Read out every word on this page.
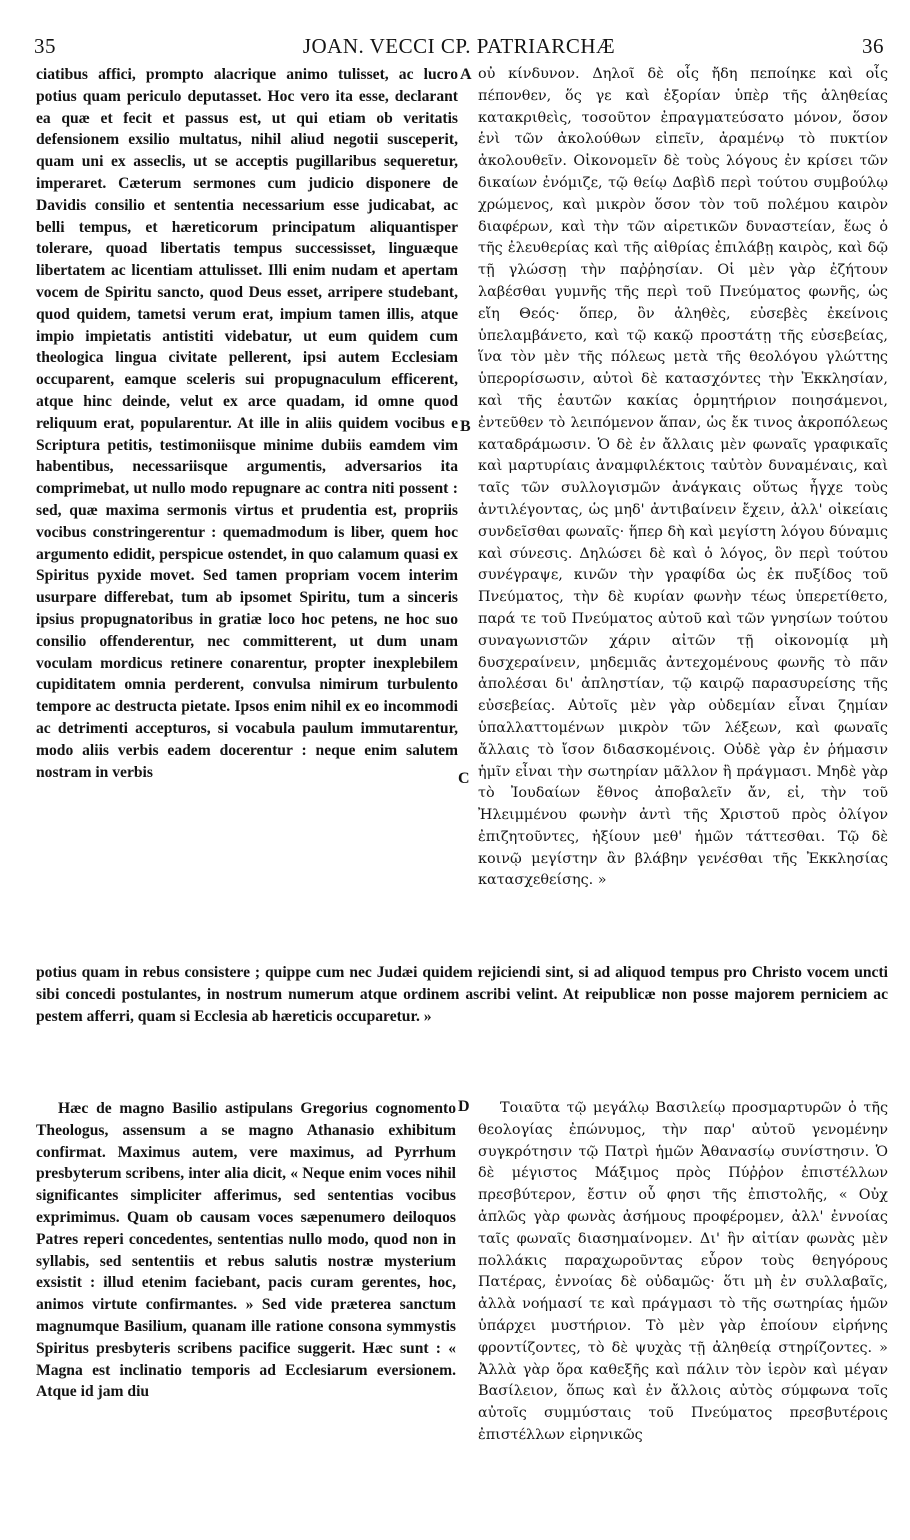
35	JOAN. VECCI CP. PATRIARCHÆ	36

ciatibus affici, prompto alacrique animo tulisset, ac lucro potius quam periculo deputasset. Hoc vero ita esse, declarant ea quæ et fecit et passus est, ut qui etiam ob veritatis defensionem exsilio multatus, nihil aliud negotii susceperit, quam uni ex asseclis, ut se acceptis pugillaribus sequeretur, imperaret. Cæterum sermones cum judicio disponere de Davidis consilio et sententia necessarium esse judicabat, ac belli tempus, et hæreticorum principatum aliquantisper tolerare, quoad libertatis tempus successisset, linguæque libertatem ac licentiam attulisset. Illi enim nudam et apertam vocem de Spiritu sancto, quod Deus esset, arripere studebant, quod quidem, tametsi verum erat, impium tamen illis, atque impio impietatis antistiti videbatur, ut eum quidem cum theologica lingua civitate pellerent, ipsi autem Ecclesiam occuparent, eamque sceleris sui propugnaculum efficerent, atque hinc deinde, velut ex arce quadam, id omne quod reliquum erat, popularentur. At ille in aliis quidem vocibus e Scriptura petitis, testimoniisque minime dubiis eamdem vim habentibus, necessariisque argumentis, adversarios ita comprimebat, ut nullo modo repugnare ac contra niti possent : sed, quæ maxima sermonis virtus et prudentia est, propriis vocibus constringerentur : quemadmodum is liber, quem hoc argumento edidit, perspicue ostendet, in quo calamum quasi ex Spiritus pyxide movet. Sed tamen propriam vocem interim usurpare differebat, tum ab ipsomet Spiritu, tum a sinceris ipsius propugnatoribus in gratiæ loco hoc petens, ne hoc suo consilio offenderentur, nec committerent, ut dum unam voculam mordicus retinere conarentur, propter inexplebilem cupiditatem omnia perderent, convulsa nimirum turbulento tempore ac destructa pietate. Ipsos enim nihil ex eo incommodi ac detrimenti accepturos, si vocabula paulum immutarentur, modo aliis verbis eadem docerentur : neque enim salutem nostram in verbis

οὐ κίνδυνον. Δηλοῖ δὲ οἷς ἤδη πεποίηκε καὶ οἷς πέπονθεν, ὅς γε καὶ ἐξορίαν ὑπὲρ τῆς ἀληθείας κατακριθεὶς, τοσοῦτον ἐπραγματεύσατο μόνον, ὅσον ἑνὶ τῶν ἀκολούθων εἰπεῖν, ἀραμένῳ τὸ πυκτίον ἀκολουθεῖν. Οἰκονομεῖν δὲ τοὺς λόγους ἐν κρίσει τῶν δικαίων ἐνόμιζε, τῷ θείῳ Δαβὶδ περὶ τούτου συμβούλῳ χρώμενος, καὶ μικρὸν ὅσον τὸν τοῦ πολέμου καιρὸν διαφέρων, καὶ τὴν τῶν αἱρετικῶν δυναστείαν, ἕως ὁ τῆς ἐλευθερίας καὶ τῆς αἰθρίας ἐπιλάβῃ καιρὸς, καὶ δῷ τῇ γλώσσῃ τὴν παῤῥησίαν. Οἱ μὲν γὰρ ἐζήτουν λαβέσθαι γυμνῆς τῆς περὶ τοῦ Πνεύματος φωνῆς, ὡς εἴη Θεός· ὅπερ, ὂν ἀληθὲς, εὐσεβὲς ἐκείνοις ὑπελαμβάνετο, καὶ τῷ κακῷ προστάτῃ τῆς εὐσεβείας, ἵνα τὸν μὲν τῆς πόλεως μετὰ τῆς θεολόγου γλώττης ὑπερορίσωσιν, αὐτοὶ δὲ κατασχόντες τὴν Ἐκκλησίαν, καὶ τῆς ἑαυτῶν κακίας ὁρμητήριον ποιησάμενοι, ἐντεῦθεν τὸ λειπόμενον ἅπαν, ὡς ἔκ τινος ἀκροπόλεως καταδράμωσιν. Ὁ δὲ ἐν ἄλλαις μὲν φωναῖς γραφικαῖς καὶ μαρτυρίαις ἀναμφιλέκτοις ταὐτὸν δυναμέναις, καὶ ταῖς τῶν συλλογισμῶν ἀνάγκαις οὕτως ἦγχε τοὺς ἀντιλέγοντας, ὡς μηδ' ἀντιβαίνειν ἔχειν, ἀλλ' οἰκείαις συνδεῖσθαι φωναῖς· ἥπερ δὴ καὶ μεγίστη λόγου δύναμις καὶ σύνεσις. Δηλώσει δὲ καὶ ὁ λόγος, ὃν περὶ τούτου συνέγραψε, κινῶν τὴν γραφίδα ὡς ἐκ πυξίδος τοῦ Πνεύματος, τὴν δὲ κυρίαν φωνὴν τέως ὑπερετίθετο, παρά τε τοῦ Πνεύματος αὐτοῦ καὶ τῶν γνησίων τούτου συναγωνιστῶν χάριν αἰτῶν τῇ οἰκονομίᾳ μὴ δυσχεραίνειν, μηδεμιᾶς ἀντεχομένους φωνῆς τὸ πᾶν ἀπολέσαι δι' ἀπληστίαν, τῷ καιρῷ παρασυρείσης τῆς εὐσεβείας. Αὐτοῖς μὲν γὰρ οὐδεμίαν εἶναι ζημίαν ὑπαλλαττομένων μικρὸν τῶν λέξεων, καὶ φωναῖς ἄλλαις τὸ ἴσον διδασκομένοις. Οὐδὲ γὰρ ἐν ῥήμασιν ἡμῖν εἶναι τὴν σωτηρίαν μᾶλλον ἢ πράγμασι. Μηδὲ γὰρ τὸ Ἰουδαίων ἔθνος ἀποβαλεῖν ἄν, εἰ, τὴν τοῦ Ἠλειμμένου φωνὴν ἀντὶ τῆς Χριστοῦ πρὸς ὀλίγον ἐπιζητοῦντες, ἠξίουν μεθ' ἡμῶν τάττεσθαι. Τῷ δὲ κοινῷ μεγίστην ἂν βλάβην γενέσθαι τῆς Ἐκκλησίας κατασχεθείσης. »

A
B
C

potius quam in rebus consistere ; quippe cum nec Judæi quidem rejiciendi sint, si ad aliquod tempus pro Christo vocem uncti sibi concedi postulantes, in nostrum numerum atque ordinem ascribi velint. At reipublicæ non posse majorem perniciem ac pestem afferri, quam si Ecclesia ab hæreticis occuparetur. »

D

Hæc de magno Basilio astipulans Gregorius cognomento Theologus, assensum a se magno Athanasio exhibitum confirmat. Maximus autem, vere maximus, ad Pyrrhum presbyterum scribens, inter alia dicit, « Neque enim voces nihil significantes simpliciter afferimus, sed sententias vocibus exprimimus. Quam ob causam voces sæpenumero deiloquos Patres reperi concedentes, sententias nullo modo, quod non in syllabis, sed sententiis et rebus salutis nostræ mysterium exsistit : illud etenim faciebant, pacis curam gerentes, hoc, animos virtute confirmantes. » Sed vide præterea sanctum magnumque Basilium, quanam ille ratione consona symmystis Spiritus presbyteris scribens pacifice suggerit. Hæc sunt : « Magna est inclinatio temporis ad Ecclesiarum eversionem. Atque id jam diu

Τοιαῦτα τῷ μεγάλῳ Βασιλείῳ προσμαρτυρῶν ὁ τῆς θεολογίας ἐπώνυμος, τὴν παρ' αὐτοῦ γενομένην συγκρότησιν τῷ Πατρὶ ἡμῶν Ἀθανασίῳ συνίστησιν. Ὁ δὲ μέγιστος Μάξιμος πρὸς Πύῤῥον ἐπιστέλλων πρεσβύτερον, ἔστιν οὗ φησι τῆς ἐπιστολῆς, « Οὐχ ἁπλῶς γὰρ φωνὰς ἀσήμους προφέρομεν, ἀλλ' ἐννοίας ταῖς φωναῖς διασημαίνομεν. Δι' ἣν αἰτίαν φωνὰς μὲν πολλάκις παραχωροῦντας εὗρον τοὺς θεηγόρους Πατέρας, ἐννοίας δὲ οὐδαμῶς· ὅτι μὴ ἐν συλλαβαῖς, ἀλλὰ νοήμασί τε καὶ πράγμασι τὸ τῆς σωτηρίας ἡμῶν ὑπάρχει μυστήριον. Τὸ μὲν γὰρ ἐποίουν εἰρήνης φροντίζοντες, τὸ δὲ ψυχὰς τῇ ἀληθείᾳ στηρίζοντες. » Ἀλλὰ γὰρ ὅρα καθεξῆς καὶ πάλιν τὸν ἱερὸν καὶ μέγαν Βασίλειον, ὅπως καὶ ἐν ἄλλοις αὐτὸς σύμφωνα τοῖς αὐτοῖς συμμύσταις τοῦ Πνεύματος πρεσβυτέροις ἐπιστέλλων εἰρηνικῶς
